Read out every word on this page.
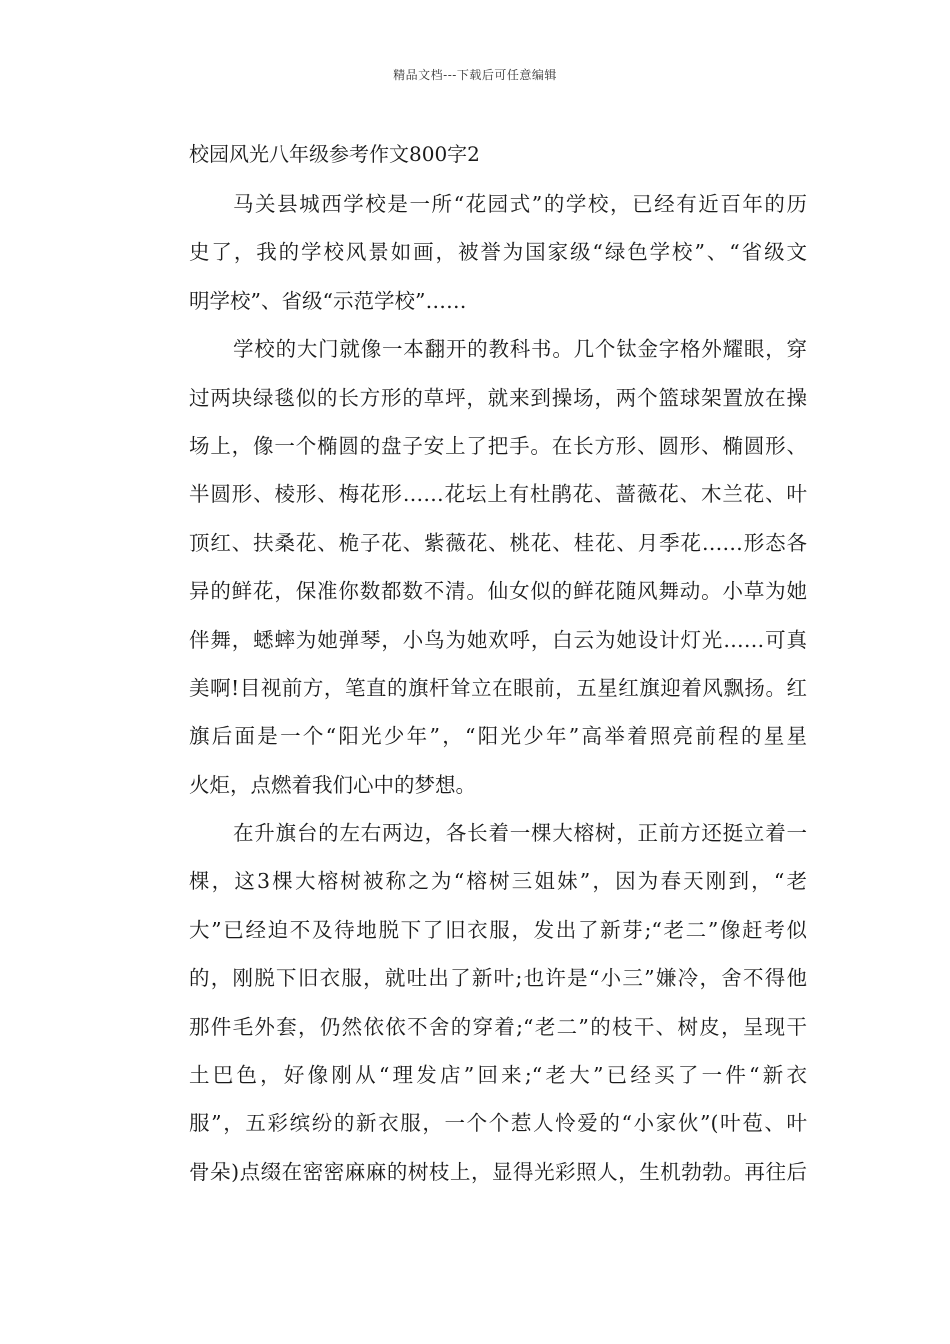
精品文档---下载后可任意编辑
校园风光八年级参考作文800字2
马关县城西学校是一所“花园式”的学校，已经有近百年的历
史了，我的学校风景如画，被誉为国家级“绿色学校”、“省级文
明学校”、省级“示范学校”……
学校的大门就像一本翻开的教科书。几个钛金字格外耀眼，穿
过两块绿毯似的长方形的草坪，就来到操场，两个篮球架置放在操
场上，像一个椭圆的盘子安上了把手。在长方形、圆形、椭圆形、
半圆形、棱形、梅花形……花坛上有杜鹃花、蔷薇花、木兰花、叶
顶红、扶桑花、桅子花、紫薇花、桃花、桂花、月季花……形态各
异的鲜花，保准你数都数不清。仙女似的鲜花随风舞动。小草为她
伴舞，蟋蟀为她弹琴，小鸟为她欢呼，白云为她设计灯光……可真
美啊!目视前方，笔直的旗杆耸立在眼前，五星红旗迎着风飘扬。红
旗后面是一个“阳光少年”，“阳光少年”高举着照亮前程的星星
火炬，点燃着我们心中的梦想。
在升旗台的左右两边，各长着一棵大榕树，正前方还挺立着一
棵，这3棵大榕树被称之为“榕树三姐妹”，因为春天刚到，“老
大”已经迫不及待地脱下了旧衣服，发出了新芽;“老二”像赶考似
的，刚脱下旧衣服，就吐出了新叶;也许是“小三”嫌冷，舍不得他
那件毛外套，仍然依依不舍的穿着;“老二”的枝干、树皮，呈现干
土巴色，好像刚从“理发店”回来;“老大”已经买了一件“新衣
服”，五彩缤纷的新衣服，一个个惹人怜爱的“小家伙”(叶苞、叶
骨朵)点缀在密密麻麻的树枝上，显得光彩照人，生机勃勃。再往后
